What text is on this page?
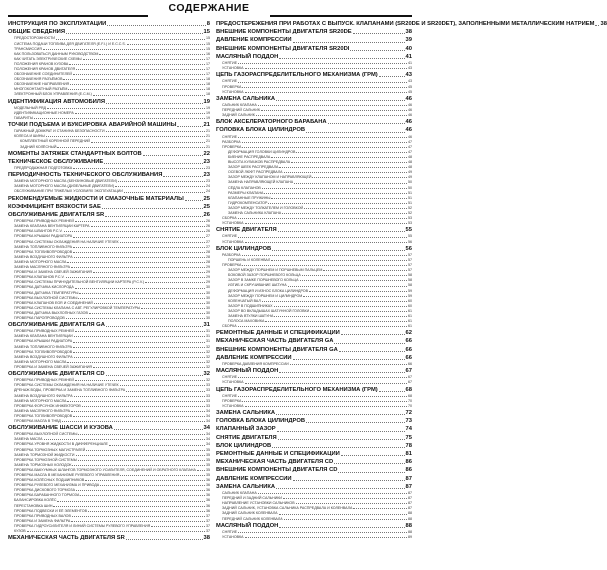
СОДЕРЖАНИЕ
ИНСТРУКЦИЯ ПО ЭКСПЛУАТАЦИИ	8
ОБЩИЕ СВЕДЕНИЯ	15
ПРЕДОСТОРОЖНОСТИ	15
СИСТЕМА ПОДАЧИ ТОПЛИВА ДЛЯ ДВИГАТЕЛЯ (E.F.I.) И E.C.C.S.	15
ТРАНСМИССИЯ	15
КАК ПОЛЬЗОВАТЬСЯ ДАННЫМ РУКОВОДСТВОМ	16
КАК ЧИТАТЬ ЭЛЕКТРИЧЕСКИЕ СХЕМЫ	17
ПОЛОЖЕНИЯ КРАНОВ КУЗОВА	17
ПОЛОЖЕНИЯ КРАНОВ ДВИГАТЕЛЯ	17
ОБОЗНАЧЕНИЕ СОЕДИНИТЕЛЕЙ	17
ОБОЗНАЧЕНИЯ РАЗЪЁМОВ	18
ОБОЗНАЧЕНИЕ НАПРАВЛЕНИЯ	18
МНОГОКОНТАКТНЫЙ РАЗЪЁМ	18
ЭЛЕКТРОННЫЙ БЛОК УПРАВЛЕНИЯ (E.C.M.)	18
ИДЕНТИФИКАЦИЯ АВТОМОБИЛЯ	19
МОДЕЛЬНЫЙ РЯД	19
ИДЕНТИФИКАЦИОННЫЕ НОМЕРА	19
ГАБАРИТЫ	19
ТОЧКИ ПОДЪЕМА И БУКСИРОВКА АВАРИЙНОЙ МАШИНЫ	21
ГАРАЖНЫЙ ДОМКРАТ И СТАНИНА БЕЗОПАСНОСТИ	21
КОЛЕСА И ШИНЫ	21
КОМПЛЕКТНЫЙ КОРЕННОЙ ПЕРЕДНИЙ	21
ЗАДНИЙ КОЛЁСНЫЙ	21
МОМЕНТЫ ЗАТЯЖЕК СТАНДАРТНЫХ БОЛТОВ	22
ТЕХНИЧЕСКОЕ ОБСЛУЖИВАНИЕ	23
ПРЕДПРОДАЖНАЯ ПОДГОТОВКА	23
ПЕРИОДИЧНОСТЬ ТЕХНИЧЕСКОГО ОБСЛУЖИВАНИЯ	23
ЗАМЕНА МОТОРНОГО МАСЛА (БЕНЗИНОВЫЕ ДВИГАТЕЛИ)	23
ЗАМЕНА МОТОРНОГО МАСЛА (ДИЗЕЛЬНЫЕ ДВИГАТЕЛИ)	24
ОБСЛУЖИВАНИЕ ПРИ ТЯЖЁЛЫХ УСЛОВИЯХ ЭКСПЛУАТАЦИИ	24
РЕКОМЕНДУЕМЫЕ ЖИДКОСТИ И СМАЗОЧНЫЕ МАТЕРИАЛЫ	25
КОЭФФИЦИЕНТ ВЯЗКОСТИ SAE	25
ОБСЛУЖИВАНИЕ ДВИГАТЕЛЯ SR	26
ПРОВЕРКА ПРИВОДНЫХ РЕМНЕЙ	26
ЗАМЕНА КЛАПАНА ВЕНТИЛЯЦИИ КАРТЕРА	26
ПРОВЕРКА ШЛАНГОВ P.C.V.	26
ПРОВЕРКА КРЫШКИ РАДИАТОРА	27
ПРОВЕРКА СИСТЕМЫ ОХЛАЖДЕНИЯ НА НАЛИЧИЕ УТЕЧЕК	27
ЗАМЕНА ТОПЛИВНОГО ФИЛЬТРА	27
ПРОВЕРКА ТОПЛИВОПРОВОДОВ	28
ЗАМЕНА ВОЗДУШНОГО ФИЛЬТРА	28
ЗАМЕНА МОТОРНОГО МАСЛА	28
ЗАМЕНА МАСЛЯНОГО ФИЛЬТРА	29
ПРОВЕРКА И ЗАМЕНА СВЕЧЕЙ ЗАЖИГАНИЯ	29
ПРОВЕРКА КЛАПАНОВ P.C.V.	29
ПРОВЕРКА СИСТЕМЫ ПРИНУДИТЕЛЬНОЙ ВЕНТИЛЯЦИИ КАРТЕРА (P.C.V.)	29
ПРОВЕРКА ДАТЧИКА КИСЛОРОДА	30
ПРОВЕРКА ДАТЧИКА ТЕМПЕРАТУРЫ	30
ПРОВЕРКА ВЫХЛОПНОЙ СИСТЕМЫ	30
ПРОВЕРКА КЛАПАНОВ EGR И СОЕДИНЕНИЙ	30
ПРОВЕРКА СИСТЕМЫ КЛАПАНА С АВТ. РЕГУЛИРОВКОЙ ТЕМПЕРАТУРЫ	30
ПРОВЕРКА ДАТЧИКА ВЫХЛОПНЫХ ГАЗОВ	30
ПРОВЕРКА ПАРОПРОВОДОВ	30
ОБСЛУЖИВАНИЕ ДВИГАТЕЛЯ GA	31
ПРОВЕРКА ПРИВОДНЫХ РЕМНЕЙ	31
ЗАМЕНА КЛАПАНА ВЕНТИЛЯЦИИ	31
ПРОВЕРКА КРЫШКИ РАДИАТОРА	31
ЗАМЕНА ТОПЛИВНОГО ФИЛЬТРА	32
ПРОВЕРКА ТОПЛИВОПРОВОДОВ	32
ЗАМЕНА ВОЗДУШНОГО ФИЛЬТРА	32
ЗАМЕНА МОТОРНОГО МАСЛА	32
ПРОВЕРКА И ЗАМЕНА СВЕЧЕЙ ЗАЖИГАНИЯ	32
ОБСЛУЖИВАНИЕ ДВИГАТЕЛЯ CD	32
ПРОВЕРКА ПРИВОДНЫХ РЕМНЕЙ	32
ПРОВЕРКА СИСТЕМЫ ОХЛАЖДЕНИЯ НА НАЛИЧИЕ УТЕЧЕК	33
ДРЕНАЖ ВОДЫ, ПРОВЕРКА И ЗАМЕНА ТОПЛИВНОГО ФИЛЬТРА	33
ЗАМЕНА ВОЗДУШНОГО ФИЛЬТРА	33
ЗАМЕНА МОТОРНОГО МАСЛА	33
ПРОВЕРКА ФОРСУНОК ИНЖЕКТОРОВ	33
ЗАМЕНА МАСЛЯНОГО ФИЛЬТРА	34
ПРОВЕРКА ТОПЛИВОПРОВОДОВ	34
ПРОВЕРКА МАСЛА В ТНВД	34
ОБСЛУЖИВАНИЕ ШАССИ И КУЗОВА	34
ПРОВЕРКА ВЫХЛОПНОЙ СИСТЕМЫ	34
ЗАМЕНА МАСЛА	34
ПРОВЕРКА УРОВНЯ ЖИДКОСТИ В ДИФФЕРЕНЦИАЛЕ	34
ПРОВЕРКА ТОРМОЗНЫХ МАГИСТРАЛЕЙ	35
ЗАМЕНА ТОРМОЗНОЙ ЖИДКОСТИ	35
ПРОВЕРКА ТОРМОЗНОЙ СИСТЕМЫ	35
ЗАМЕНА ТОРМОЗНЫХ КОЛОДОК	35
ПРОВЕРКА ВАКУУМНЫХ ШЛАНГОВ ТОРМОЗНОГО УСИЛИТЕЛЯ, СОЕДИНЕНИЙ И ОБРАТНОГО КЛАПАНА	35
ПРОВЕРКА МАСЛА В МЕХАНИЗМЕ РУЛЕВОГО УПРАВЛЕНИЯ	35
ПРОВЕРКА КОЛЁСНЫХ ПОДШИПНИКОВ	36
ПРОВЕРКА РУЛЕВОГО МЕХАНИЗМА И ПРИВОДА	36
ПРОВЕРКА ДИСКОВОГО ТОРМОЗА	36
ПРОВЕРКА БАРАБАННОГО ТОРМОЗА	36
БАЛАНСИРОВКА КОЛЁС	36
ПЕРЕСТАНОВКА ШИН	36
ПРОВЕРКА ПОДВЕСКИ И ЕЁ ЭЛЕМЕНТОВ	36
ПРОВЕРКА ПРИВОДНЫХ ВАЛОВ	37
ПРОВЕРКА И ЗАМЕНА ФИЛЬТРА	37
ПРОВЕРКА ГИДРОУСИЛИТЕЛЯ И ЛИНИЙ СИСТЕМЫ РУЛЕВОГО УПРАВЛЕНИЯ	37
КУЗОВ	37
МЕХАНИЧЕСКАЯ ЧАСТЬ ДВИГАТЕЛЯ SR	38
ПРЕДОСТЕРЕЖЕНИЯ ПРИ РАБОТАХ С ВЫПУСК. КЛАПАНАМИ (SR20DE И SR20DET), ЗАПОЛНЕННЫМИ МЕТАЛЛИЧЕСКИМ НАТРИЕМ 38
ВНЕШНИЕ КОМПОНЕНТЫ ДВИГАТЕЛЯ SR20DE	38
ДАВЛЕНИЕ КОМПРЕССИИ	39
ВНЕШНИЕ КОМПОНЕНТЫ ДВИГАТЕЛЯ SR20DI	40
МАСЛЯНЫЙ ПОДДОН	41
СНЯТИЕ	41
УСТАНОВКА	43
ЦЕПЬ ГАЗОРАСПРЕДЕЛИТЕЛЬНОГО МЕХАНИЗМА (ГРМ)	43
СНЯТИЕ	43
ПРОВЕРКА	45
УСТАНОВКА	45
ЗАМЕНА САЛЬНИКА	46
САЛЬНИК КЛАПАНА	46
ПЕРЕДНИЙ САЛЬНИК	46
ЗАДНИЙ САЛЬНИК	46
БЛОК АКСЕЛЕРАТОРНОГО БАРАБАНА	46
ГОЛОВКА БЛОКА ЦИЛИНДРОВ	46
СНЯТИЕ	46
РАЗБОРКА	47
ПРОВЕРКА	47
ДЕФОРМАЦИЯ ГОЛОВКИ ЦИЛИНДРОВ	47
БИЕНИЕ РАСПРЕДВАЛА	48
ВЫСОТА КУЛАЧКОВ РАСПРЕДВАЛА	48
ЗАЗОР ШЕЕК РАСПРЕДВАЛА	48
ОСЕВОЙ ЛЮФТ РАСПРЕДВАЛА	49
ЗАЗОР МЕЖДУ КЛАПАНОМ И НАПРАВЛЯЮЩЕЙ	49
ЗАМЕНА НАПРАВЛЯЮЩЕЙ КЛАПАНА	50
СЁДЛА КЛАПАНОВ	50
РАЗМЕРЫ КЛАПАНА	51
КЛАПАННЫЕ ПРУЖИНЫ	51
ГИДРОКОМПЕНСАТОР	51
ЗАЗОР МЕЖДУ ТОЛКАТЕЛЕМ И ГОЛОВКОЙ	52
ЗАМЕНА САЛЬНИКА КЛАПАНА	52
СБОРКА	53
УСТАНОВКА	53
СНЯТИЕ ДВИГАТЕЛЯ	55
СНЯТИЕ	55
УСТАНОВКА	56
БЛОК ЦИЛИНДРОВ	56
РАЗБОРКА	57
ПОРШЕНЬ И КОЛЕНВАЛ	57
ПРОВЕРКА	57
ЗАЗОР МЕЖДУ ПОРШНЕМ И ПОРШНЕВЫМ ПАЛЬЦЕМ	57
БОКОВОЙ ЗАЗОР ПОРШНЕВОГО КОЛЬЦА	58
ЗАЗОР В ЗАМКЕ ПОРШНЕВОГО КОЛЬЦА	58
ИЗГИБ И СКРУЧИВАНИЕ ШАТУНА	58
ДЕФОРМАЦИЯ И ИЗНОС БЛОКА ЦИЛИНДРОВ	59
ЗАЗОР МЕЖДУ ПОРШНЕМ И ЦИЛИНДРОМ	59
КОЛЕНЧАТЫЙ ВАЛ	60
ЗАЗОР В ПОДШИПНИКАХ	60
ЗАЗОР ВО ВКЛАДЫШАХ ШАТУННОЙ ГОЛОВКИ	61
ЗАМЕНА ВТУЛКИ ШАТУНА	61
ПОЛОСА МАХОВИКА	61
СБОРКА	61
РЕМОНТНЫЕ ДАННЫЕ И СПЕЦИФИКАЦИИ	62
МЕХАНИЧЕСКАЯ ЧАСТЬ ДВИГАТЕЛЯ GA	66
ВНЕШНИЕ КОМПОНЕНТЫ ДВИГАТЕЛЯ GA	66
ДАВЛЕНИЕ КОМПРЕССИИ	66
ПРОВЕРКА ДАВЛЕНИЯ КОМПРЕССИИ	66
МАСЛЯНЫЙ ПОДДОН	67
СНЯТИЕ	67
УСТАНОВКА	67
ЦЕПЬ ГАЗОРАСПРЕДЕЛИТЕЛЬНОГО МЕХАНИЗМА (ГРМ)	68
СНЯТИЕ	68
ПРОВЕРКА	70
УСТАНОВКА	70
ЗАМЕНА САЛЬНИКА	72
ГОЛОВКА БЛОКА ЦИЛИНДРОВ	73
КЛАПАННЫЙ ЗАЗОР	74
СНЯТИЕ ДВИГАТЕЛЯ	75
БЛОК ЦИЛИНДРОВ	78
РЕМОНТНЫЕ ДАННЫЕ И СПЕЦИФИКАЦИИ	81
МЕХАНИЧЕСКАЯ ЧАСТЬ ДВИГАТЕЛЯ CD	86
ВНЕШНИЕ КОМПОНЕНТЫ ДВИГАТЕЛЯ CD	86
ДАВЛЕНИЕ КОМПРЕССИИ	87
ЗАМЕНА САЛЬНИКА	87
САЛЬНИК КЛАПАНА	87
ПЕРЕДНИЙ И ЗАДНИЙ САЛЬНИКИ	87
НАПРАВЛЕНИЕ УСТАНОВКИ САЛЬНИКОВ	87
ЗАДНИЙ САЛЬНИК, УСТАНОВКА САЛЬНИКА РАСПРЕДВАЛА И КОЛЕНВАЛА	87
ЗАДНИЙ САЛЬНИК КОЛЕНВАЛА	88
ПЕРЕДНИЙ САЛЬНИК КОЛЕНВАЛА	88
МАСЛЯНЫЙ ПОДДОН	88
СНЯТИЕ	88
УСТАНОВКА	89
